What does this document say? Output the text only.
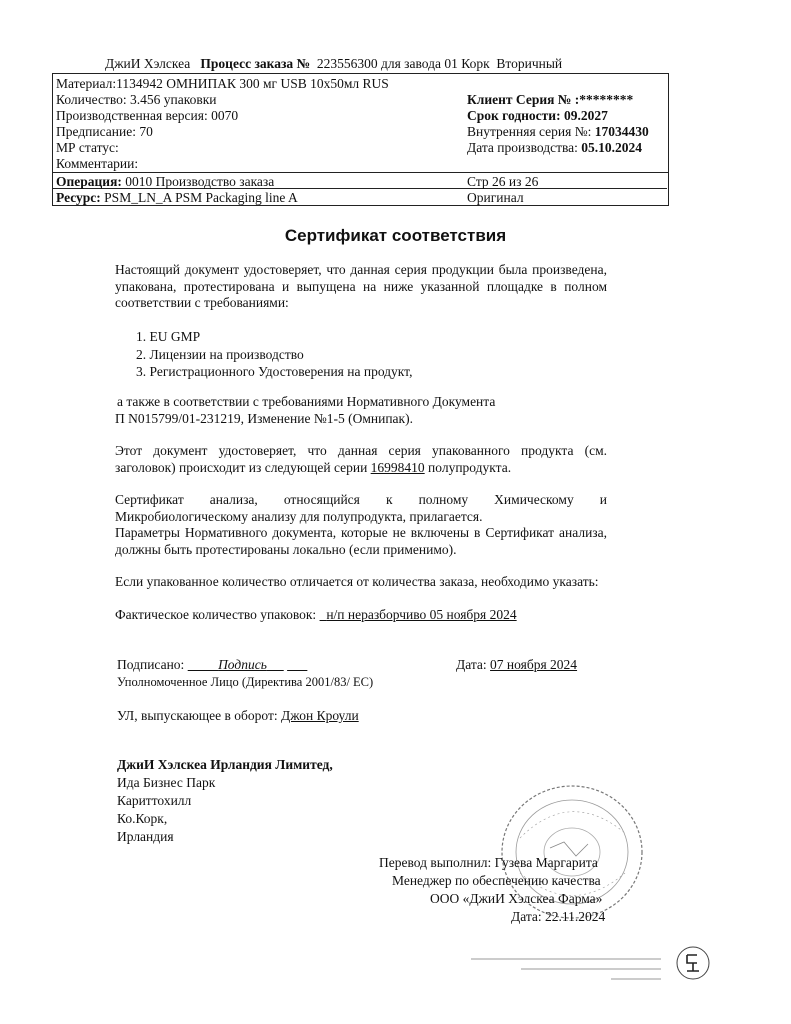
ДжиИ Хэлскеа Процесс заказа № 223556300 для завода 01 Корк Вторичный
Материал:1134942 ОМНИПАК 300 мг USB 10x50мл RUS
Количество: 3.456 упаковки
Производственная версия: 0070
Предписание: 70
МР статус:
Комментарии:
Клиент Серия № :********
Срок годности: 09.2027
Внутренняя серия №: 17034430
Дата производства: 05.10.2024
Операция: 0010 Производство заказа
Ресурс: PSM_LN_A PSM Packaging line A
Стр 26 из 26
Оригинал
Сертификат соответствия
Настоящий документ удостоверяет, что данная серия продукции была произведена, упакована, протестирована и выпущена на ниже указанной площадке в полном соответствии с требованиями:
1. EU GMP
2. Лицензии на производство
3. Регистрационного Удостоверения на продукт,
а также в соответствии с требованиями Нормативного Документа
П N015799/01-231219, Изменение №1-5 (Омнипак).
Этот документ удостоверяет, что данная серия упакованного продукта (см. заголовок) происходит из следующей серии 16998410 полупродукта.
Сертификат анализа, относящийся к полному Химическому и Микробиологическому анализу для полупродукта, прилагается.
Параметры Нормативного документа, которые не включены в Сертификат анализа, должны быть протестированы локально (если применимо).
Если упакованное количество отличается от количества заказа, необходимо указать:
Фактическое количество упаковок: н/п неразборчиво 05 ноября 2024
Подписано:	Подпись	Дата: 07 ноября 2024
Уполномоченное Лицо (Директива 2001/83/ ЕС)
УЛ, выпускающее в оборот: Джон Кроули
ДжиИ Хэлскеа Ирландия Лимитед,
Ида Бизнес Парк
Кариттохилл
Ко.Корк,
Ирландия
Перевод выполнил: Гузева Маргарита
Менеджер по обеспечению качества
ООО «ДжиИ Хэлскеа Фарма»
Дата: 22.11.2024
